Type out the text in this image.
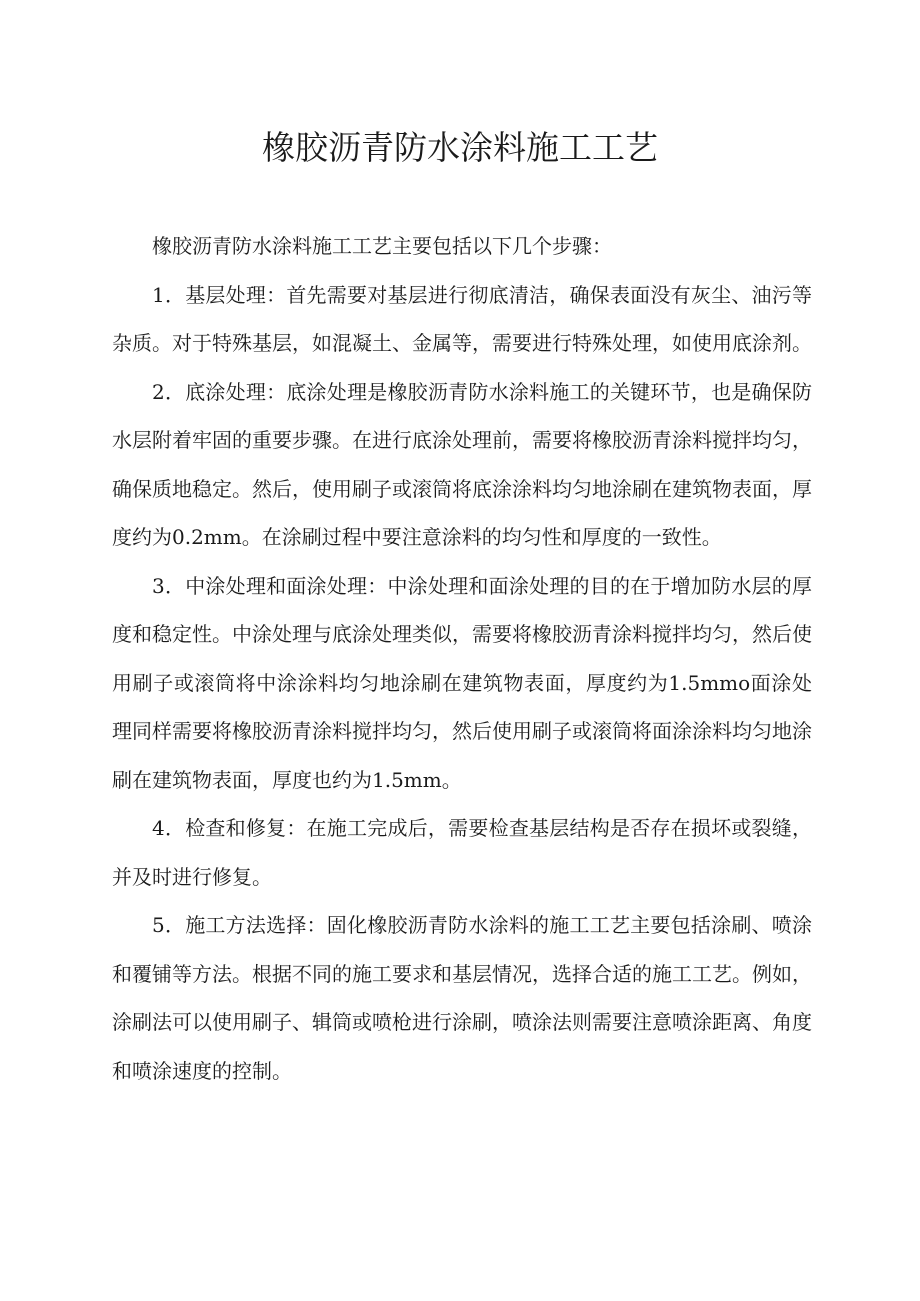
橡胶沥青防水涂料施工工艺

橡胶沥青防水涂料施工工艺主要包括以下几个步骤：

1．基层处理：首先需要对基层进行彻底清洁，确保表面没有灰尘、油污等杂质。对于特殊基层，如混凝土、金属等，需要进行特殊处理，如使用底涂剂。

2．底涂处理：底涂处理是橡胶沥青防水涂料施工的关键环节，也是确保防水层附着牢固的重要步骤。在进行底涂处理前，需要将橡胶沥青涂料搅拌均匀，确保质地稳定。然后，使用刷子或滚筒将底涂涂料均匀地涂刷在建筑物表面，厚度约为0.2mm。在涂刷过程中要注意涂料的均匀性和厚度的一致性。

3．中涂处理和面涂处理：中涂处理和面涂处理的目的在于增加防水层的厚度和稳定性。中涂处理与底涂处理类似，需要将橡胶沥青涂料搅拌均匀，然后使用刷子或滚筒将中涂涂料均匀地涂刷在建筑物表面，厚度约为1.5mmo面涂处理同样需要将橡胶沥青涂料搅拌均匀，然后使用刷子或滚筒将面涂涂料均匀地涂刷在建筑物表面，厚度也约为1.5mm。

4．检查和修复：在施工完成后，需要检查基层结构是否存在损坏或裂缝，并及时进行修复。

5．施工方法选择：固化橡胶沥青防水涂料的施工工艺主要包括涂刷、喷涂和覆铺等方法。根据不同的施工要求和基层情况，选择合适的施工工艺。例如，涂刷法可以使用刷子、辑筒或喷枪进行涂刷，喷涂法则需要注意喷涂距离、角度和喷涂速度的控制。
